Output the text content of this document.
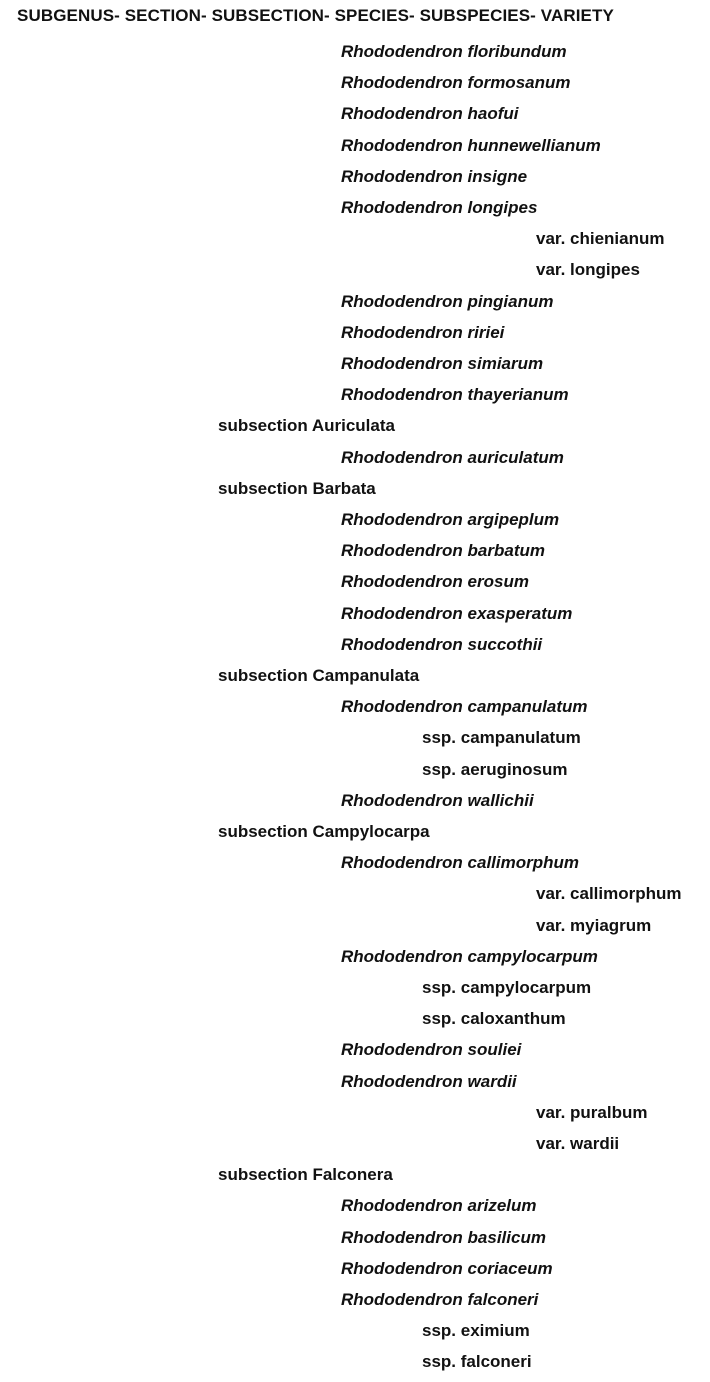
SUBGENUS- SECTION- SUBSECTION- SPECIES- SUBSPECIES- VARIETY
Rhododendron floribundum
Rhododendron formosanum
Rhododendron haofui
Rhododendron hunnewellianum
Rhododendron insigne
Rhododendron longipes
var. chienianum
var. longipes
Rhododendron pingianum
Rhododendron ririei
Rhododendron simiarum
Rhododendron thayerianum
subsection Auriculata
Rhododendron auriculatum
subsection Barbata
Rhododendron argipeplum
Rhododendron barbatum
Rhododendron erosum
Rhododendron exasperatum
Rhododendron succothii
subsection Campanulata
Rhododendron campanulatum
ssp. campanulatum
ssp. aeruginosum
Rhododendron wallichii
subsection Campylocarpa
Rhododendron callimorphum
var. callimorphum
var. myiagrum
Rhododendron campylocarpum
ssp. campylocarpum
ssp. caloxanthum
Rhododendron souliei
Rhododendron wardii
var. puralbum
var. wardii
subsection Falconera
Rhododendron arizelum
Rhododendron basilicum
Rhododendron coriaceum
Rhododendron falconeri
ssp. eximium
ssp. falconeri
